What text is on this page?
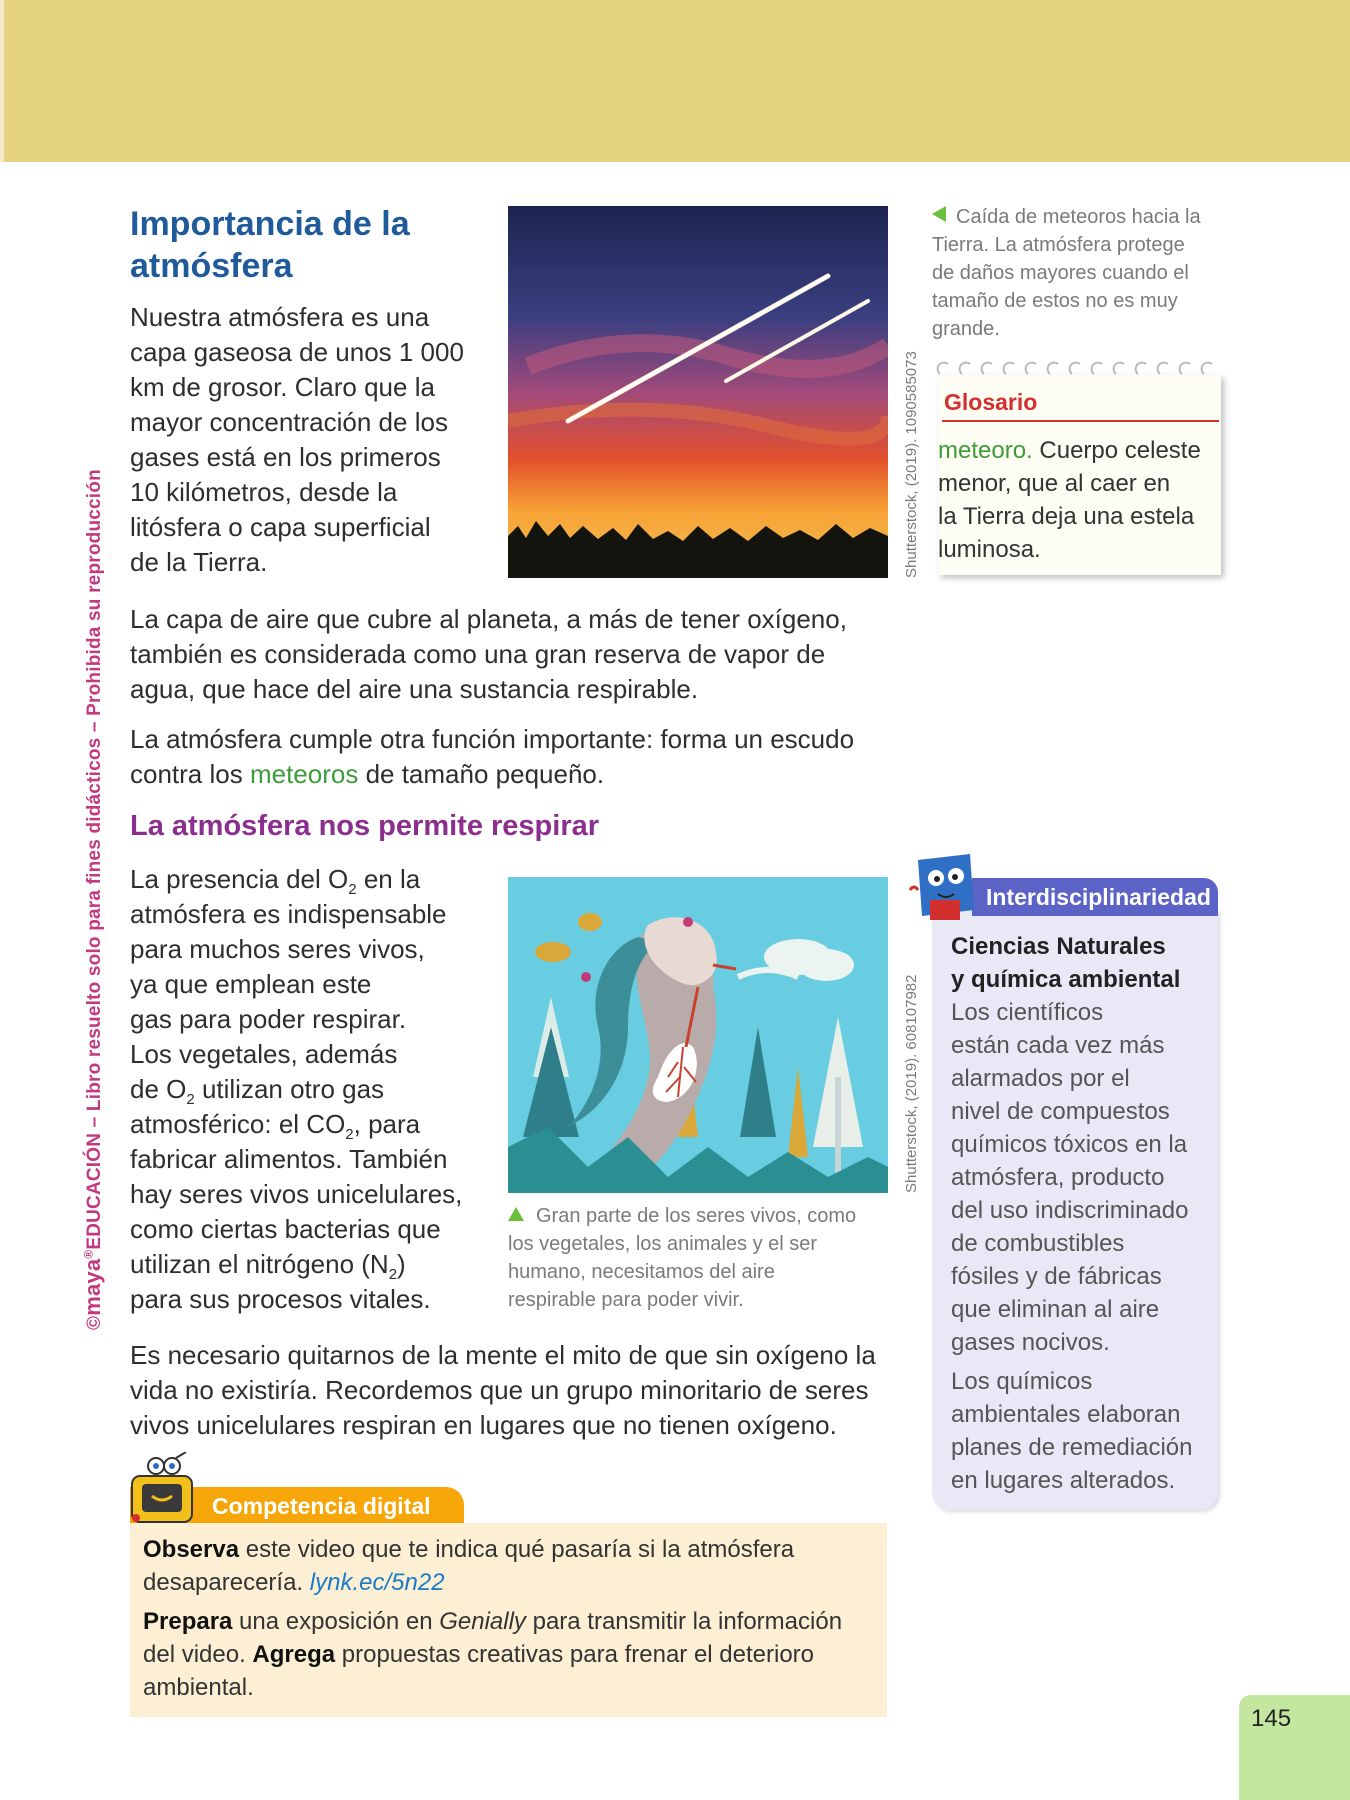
©maya®EDUCACIÓN – Libro resuelto solo para fines didácticos – Prohibida su reproducción

Importancia de la

atmósfera

Nuestra atmósfera es una

capa gaseosa de unos 1 000

km de grosor. Claro que la

mayor concentración de los

gases está en los primeros

10 kilómetros, desde la

litósfera o capa superficial

de la Tierra.	Shutterstock, (2019). 1090585073
Caída de meteoros hacia la
Tierra. La atmósfera protege
de daños mayores cuando el
tamaño de estos no es muy
grande.
Glosario
meteoro. Cuerpo celeste
menor, que al caer en
la Tierra deja una estela
luminosa.

La capa de aire que cubre al planeta, a más de tener oxígeno,

también es considerada como una gran reserva de vapor de

agua, que hace del aire una sustancia respirable.

La atmósfera cumple otra función importante: forma un escudo

contra los meteoros de tamaño pequeño.

La atmósfera nos permite respirar

La presencia del $O_2$ en la

atmósfera es indispensable

para muchos seres vivos,

ya que emplean este

gas para poder respirar.

Los vegetales, además

de $O_2$ utilizan otro gas

atmosférico: el $CO_2$, para

fabricar alimentos. También

hay seres vivos unicelulares,

como ciertas bacterias que

utilizan el nitrógeno $(N_2)$

para sus procesos vitales.

Shutterstock, (2019). 608107982
Gran parte de los seres vivos, como
los vegetales, los animales y el ser
humano, necesitamos del aire
respirable para poder vivir.

Es necesario quitarnos de la mente el mito de que sin oxígeno la

vida no existiría. Recordemos que un grupo minoritario de seres

vivos unicelulares respiran en lugares que no tienen oxígeno.

Interdisciplinariedad
Ciencias Naturales
y química ambiental
Los científicos
están cada vez más
alarmados por el
nivel de compuestos
químicos tóxicos en la
atmósfera, producto
del uso indiscriminado
de combustibles
fósiles y de fábricas
que eliminan al aire
gases nocivos.
Los químicos
ambientales elaboran
planes de remediación
en lugares alterados.
Competencia digital
Observa este video que te indica qué pasaría si la atmósfera
desaparecería. lynk.ec/5n22
Prepara una exposición en Genially para transmitir la información
del video. Agrega propuestas creativas para frenar el deterioro
ambiental.
145
